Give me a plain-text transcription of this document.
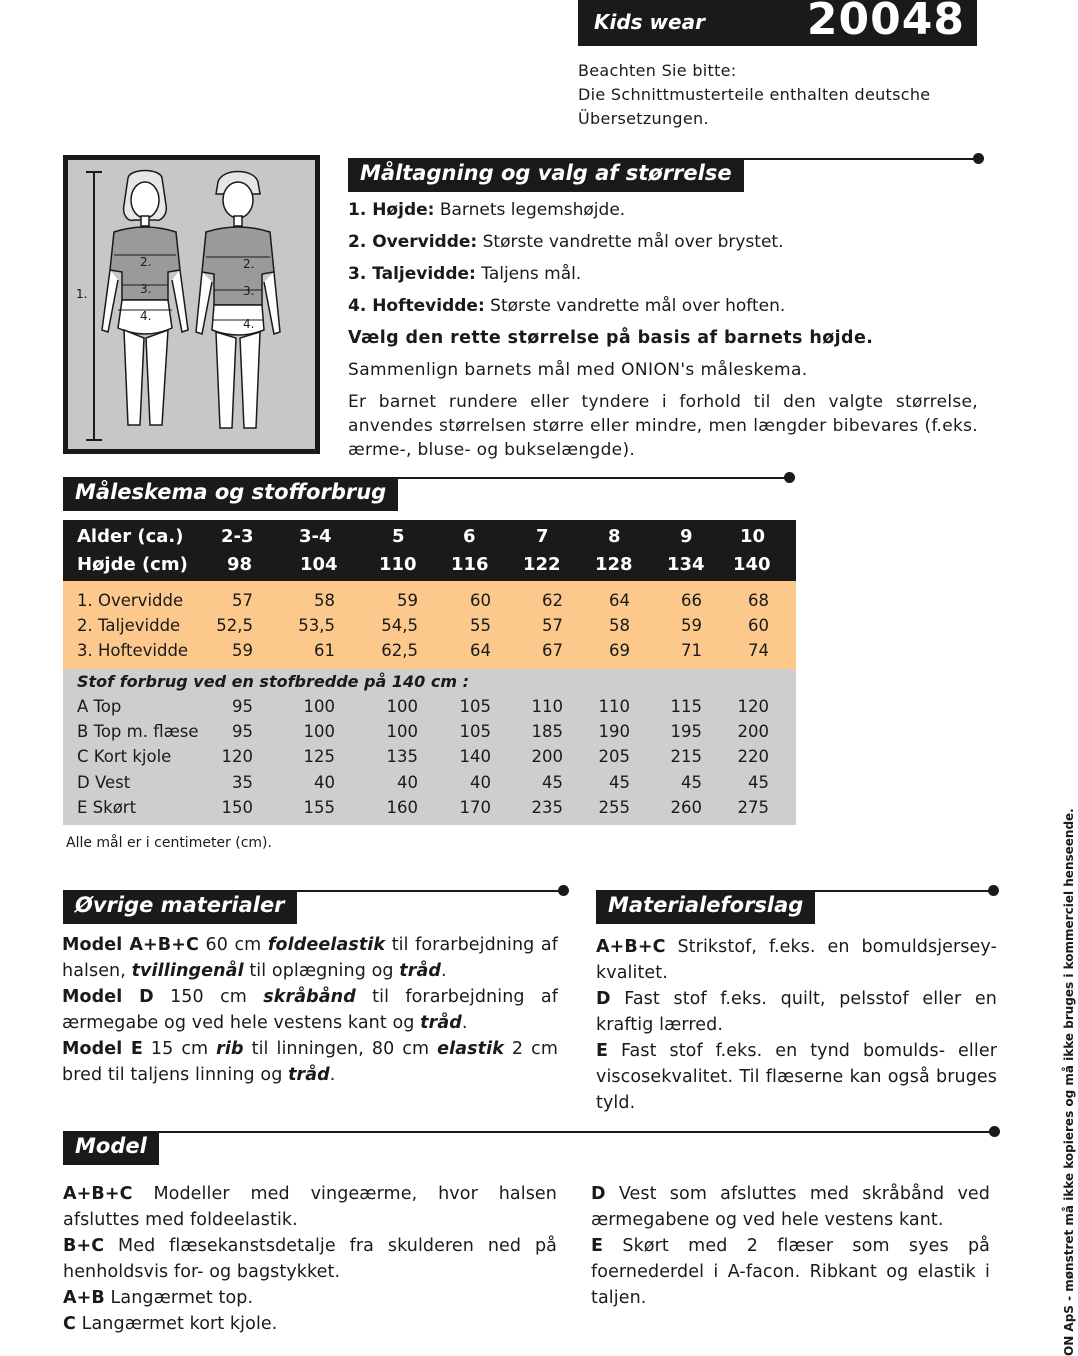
Kids wear 20048
Beachten Sie bitte:
Die Schnittmusterteile enthalten deutsche
Übersetzungen.
1.
2.
3.
4.
2.
3.
4.
Måltagning og valg af størrelse

1. Højde: Barnets legemshøjde.

2. Overvidde: Største vandrette mål over brystet.

3. Taljevidde: Taljens mål.

4. Hoftevidde: Største vandrette mål over hoften.

Vælg den rette størrelse på basis af barnets højde.

Sammenlign barnets mål med ONION's måleskema.

Er barnet rundere eller tyndere i forhold til den valgte størrelse, anvendes størrelsen større eller mindre, men længder bibevares (f.eks. ærme-, bluse- og bukselængde).

Måleskema og stofforbrug
Alder (ca.)
Højde (cm)
2-3	3-4	5	6	7	8	9	10
98	104 110 116 122 128 134 140
1. Overvidde	57	58	59	60	62	64	66	68
2. Taljevidde 52,5	53,5	54,5	55	57	58	59	60
3. Hoftevidde	59	61	62,5	64	67	69	71	74
Stof forbrug ved en stofbredde på 140 cm :
A Top	95	100	100	105 110 110 115 120
B Top m. flæse 95	100	100	105 185 190 195 200
C Kort kjole	120	125	135	140 200 205 215 220
D Vest	35	40	40	40	45	45	45	45
E Skørt	150	155	160	170 235 255 260 275
Alle mål er i centimeter (cm).
Øvrige materialer
Model A+B+C 60 cm foldeelastik til forarbejdning af halsen, tvillingenål til oplægning og tråd.
Model D 150 cm skråbånd til forarbejdning af ærmegabe og ved hele vestens kant og tråd.
Model E 15 cm rib til linningen, 80 cm elastik 2 cm bred til taljens linning og tråd.
Materialeforslag
A+B+C Strikstof, f.eks. en bomuldsjersey-kvalitet.
D Fast stof f.eks. quilt, pelsstof eller en kraftig lærred.
E Fast stof f.eks. en tynd bomulds- eller viscosekvalitet. Til flæserne kan også bruges tyld.
Model
A+B+C Modeller med vingeærme, hvor halsen afsluttes med foldeelastik.
B+C Med flæsekanstsdetalje fra skulderen ned på henholdsvis for- og bagstykket.
A+B Langærmet top.
C Langærmet kort kjole.
D Vest som afsluttes med skråbånd ved ærmegabene og ved hele vestens kant.
E Skørt med 2 flæser som syes på foernederdel i A-facon. Ribkant og elastik i taljen.	ON ApS - mønstret må ikke kopieres og må ikke bruges i kommerciel henseende.
